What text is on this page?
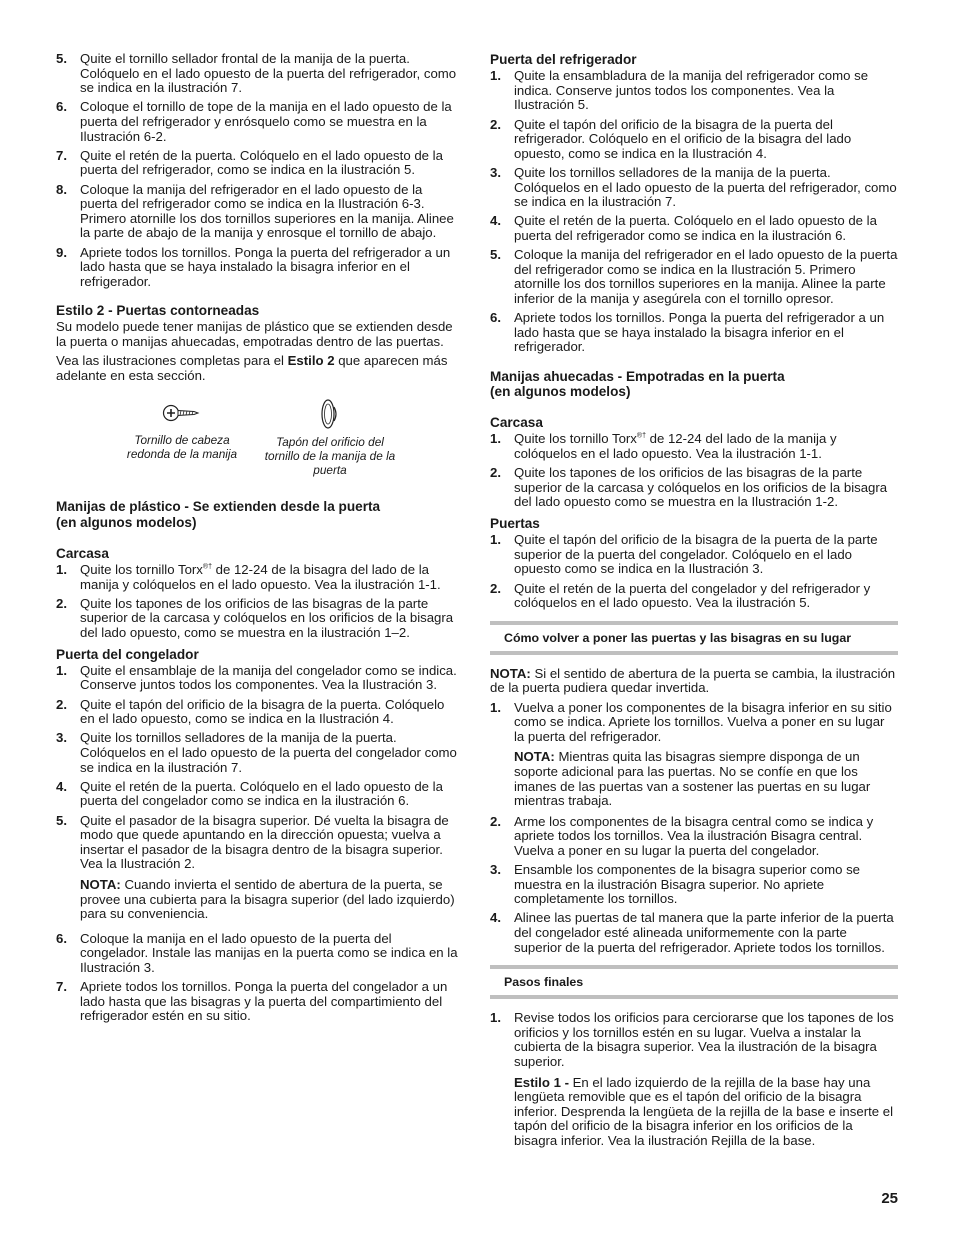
5. Quite el tornillo sellador frontal de la manija de la puerta. Colóquelo en el lado opuesto de la puerta del refrigerador, como se indica en la ilustración 7.
6. Coloque el tornillo de tope de la manija en el lado opuesto de la puerta del refrigerador y enrósquelo como se muestra en la Ilustración 6-2.
7. Quite el retén de la puerta. Colóquelo en el lado opuesto de la puerta del refrigerador, como se indica en la ilustración 5.
8. Coloque la manija del refrigerador en el lado opuesto de la puerta del refrigerador como se indica en la Ilustración 6-3. Primero atornille los dos tornillos superiores en la manija. Alinee la parte de abajo de la manija y enrosque el tornillo de abajo.
9. Apriete todos los tornillos. Ponga la puerta del refrigerador a un lado hasta que se haya instalado la bisagra inferior en el refrigerador.
Estilo 2 - Puertas contorneadas

Su modelo puede tener manijas de plástico que se extienden desde la puerta o manijas ahuecadas, empotradas dentro de las puertas.

Vea las ilustraciones completas para el Estilo 2 que aparecen más adelante en esta sección.

Tornillo de cabeza redonda de la manija
Tapón del orificio del tornillo de la manija de la puerta
Manijas de plástico - Se extienden desde la puerta
(en algunos modelos)
Carcasa
1. Quite los tornillo Torx®† de 12-24 de la bisagra del lado de la manija y colóquelos en el lado opuesto. Vea la ilustración 1-1.
2. Quite los tapones de los orificios de las bisagras de la parte superior de la carcasa y colóquelos en los orificios de la bisagra del lado opuesto, como se muestra en la ilustración 1–2.
Puerta del congelador
1. Quite el ensamblaje de la manija del congelador como se indica. Conserve juntos todos los componentes. Vea la Ilustración 3.
2. Quite el tapón del orificio de la bisagra de la puerta. Colóquelo en el lado opuesto, como se indica en la Ilustración 4.
3. Quite los tornillos selladores de la manija de la puerta. Colóquelos en el lado opuesto de la puerta del congelador como se indica en la ilustración 7.
4. Quite el retén de la puerta. Colóquelo en el lado opuesto de la puerta del congelador como se indica en la ilustración 6.
5. Quite el pasador de la bisagra superior. Dé vuelta la bisagra de modo que quede apuntando en la dirección opuesta; vuelva a insertar el pasador de la bisagra dentro de la bisagra superior. Vea la Ilustración 2.

NOTA: Cuando invierta el sentido de abertura de la puerta, se provee una cubierta para la bisagra superior (del lado izquierdo) para su conveniencia.

6. Coloque la manija en el lado opuesto de la puerta del congelador. Instale las manijas en la puerta como se indica en la Ilustración 3.
7. Apriete todos los tornillos. Ponga la puerta del congelador a un lado hasta que las bisagras y la puerta del compartimiento del refrigerador estén en su sitio.
Puerta del refrigerador
1. Quite la ensambladura de la manija del refrigerador como se indica. Conserve juntos todos los componentes. Vea la Ilustración 5.
2. Quite el tapón del orificio de la bisagra de la puerta del refrigerador. Colóquelo en el orificio de la bisagra del lado opuesto, como se indica en la Ilustración 4.
3. Quite los tornillos selladores de la manija de la puerta. Colóquelos en el lado opuesto de la puerta del refrigerador, como se indica en la ilustración 7.
4. Quite el retén de la puerta. Colóquelo en el lado opuesto de la puerta del refrigerador como se indica en la ilustración 6.
5. Coloque la manija del refrigerador en el lado opuesto de la puerta del refrigerador como se indica en la Ilustración 5. Primero atornille los dos tornillos superiores en la manija. Alinee la parte inferior de la manija y asegúrela con el tornillo opresor.
6. Apriete todos los tornillos. Ponga la puerta del refrigerador a un lado hasta que se haya instalado la bisagra inferior en el refrigerador.
Manijas ahuecadas - Empotradas en la puerta
(en algunos modelos)
Carcasa
1. Quite los tornillo Torx®† de 12-24 del lado de la manija y colóquelos en el lado opuesto. Vea la ilustración 1-1.
2. Quite los tapones de los orificios de las bisagras de la parte superior de la carcasa y colóquelos en los orificios de la bisagra del lado opuesto como se muestra en la Ilustración 1-2.
Puertas
1. Quite el tapón del orificio de la bisagra de la puerta de la parte superior de la puerta del congelador. Colóquelo en el lado opuesto como se indica en la Ilustración 3.
2. Quite el retén de la puerta del congelador y del refrigerador y colóquelos en el lado opuesto. Vea la ilustración 5.
Cómo volver a poner las puertas y las bisagras en su lugar

NOTA: Si el sentido de abertura de la puerta se cambia, la ilustración de la puerta pudiera quedar invertida.

1. Vuelva a poner los componentes de la bisagra inferior en su sitio como se indica. Apriete los tornillos. Vuelva a poner en su lugar la puerta del refrigerador.

NOTA: Mientras quita las bisagras siempre disponga de un soporte adicional para las puertas. No se confíe en que los imanes de las puertas van a sostener las puertas en su lugar mientras trabaja.

2. Arme los componentes de la bisagra central como se indica y apriete todos los tornillos. Vea la ilustración Bisagra central. Vuelva a poner en su lugar la puerta del congelador.
3. Ensamble los componentes de la bisagra superior como se muestra en la ilustración Bisagra superior. No apriete completamente los tornillos.
4. Alinee las puertas de tal manera que la parte inferior de la puerta del congelador esté alineada uniformemente con la parte superior de la puerta del refrigerador. Apriete todos los tornillos.
Pasos finales
1. Revise todos los orificios para cerciorarse que los tapones de los orificios y los tornillos estén en su lugar. Vuelva a instalar la cubierta de la bisagra superior. Vea la ilustración de la bisagra superior.

Estilo 1 - En el lado izquierdo de la rejilla de la base hay una lengüeta removible que es el tapón del orificio de la bisagra inferior. Desprenda la lengüeta de la rejilla de la base e inserte el tapón del orificio de la bisagra inferior en los orificios de la bisagra inferior. Vea la ilustración Rejilla de la base.

25
